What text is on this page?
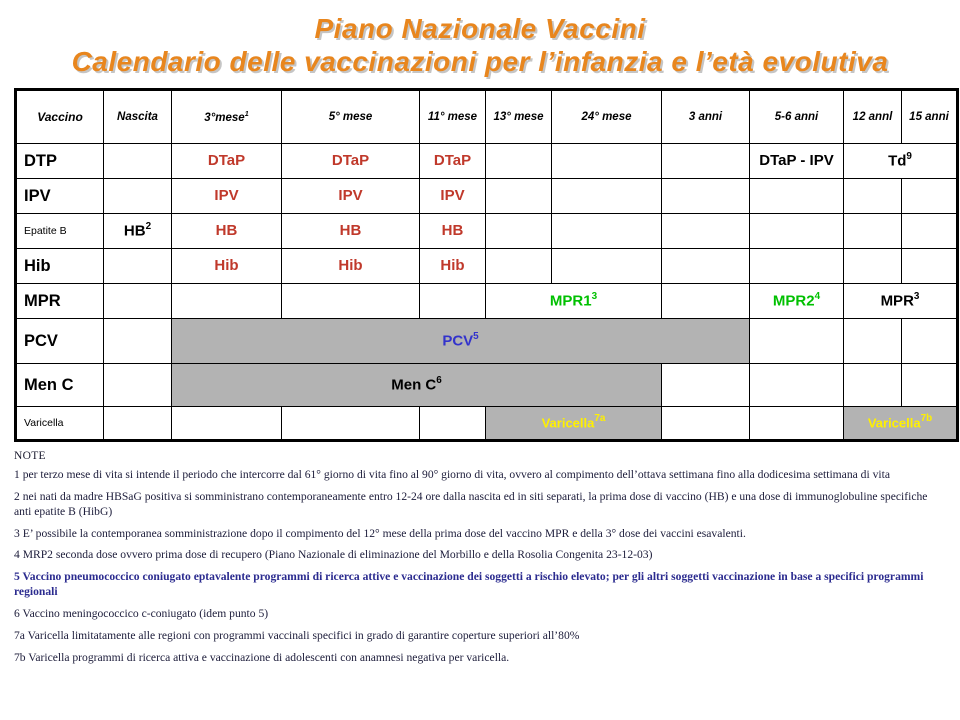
Piano Nazionale Vaccini
Calendario delle vaccinazioni per l’infanzia e l’età evolutiva
Vaccino	Nascita	3°mese$^1$	5° mese	11° mese	13° mese	24° mese	3 anni	5-6 anni	12 annl	15 anni
DTP		DTaP	DTaP	DTaP				DTaP - IPV	Td$^9$
IPV		IPV	IPV	IPV						
Epatite B	$HB^2$	HB	HB	HB						
Hib		Hib	Hib	Hib						
MPR					$MPR1^3$			$MPR2^4$	MPR$^3$
PCV		PCV$^5$			
Men C		Men $C^6$				
Varicella					Varicella$^{7a}$				Varicella$^{7b}$
NOTE

1 per terzo mese di vita si intende il periodo che intercorre dal 61° giorno di vita fino al 90° giorno di vita, ovvero al compimento dell’ottava settimana fino alla dodicesima settimana di vita

2 nei nati da madre HBSaG positiva si somministrano contemporaneamente entro 12-24 ore dalla nascita ed in siti separati, la prima dose di vaccino (HB) e una dose di immunoglobuline specifiche anti epatite B (HibG)

3 E’ possibile la contemporanea somministrazione dopo il compimento del 12° mese della prima dose del vaccino MPR e della 3° dose dei vaccini esavalenti.

4 MRP2 seconda dose ovvero prima dose di recupero (Piano Nazionale di eliminazione del Morbillo e della Rosolia Congenita 23-12-03)

5 Vaccino pneumococcico coniugato eptavalente programmi di ricerca attive e vaccinazione dei soggetti a rischio elevato; per gli altri soggetti vaccinazione in base a specifici programmi regionali

6 Vaccino meningococcico c-coniugato (idem punto 5)

7a Varicella limitatamente alle regioni con programmi vaccinali specifici in grado di garantire coperture superiori all’80%

7b Varicella programmi di ricerca attiva e vaccinazione di adolescenti con anamnesi negativa per varicella.
